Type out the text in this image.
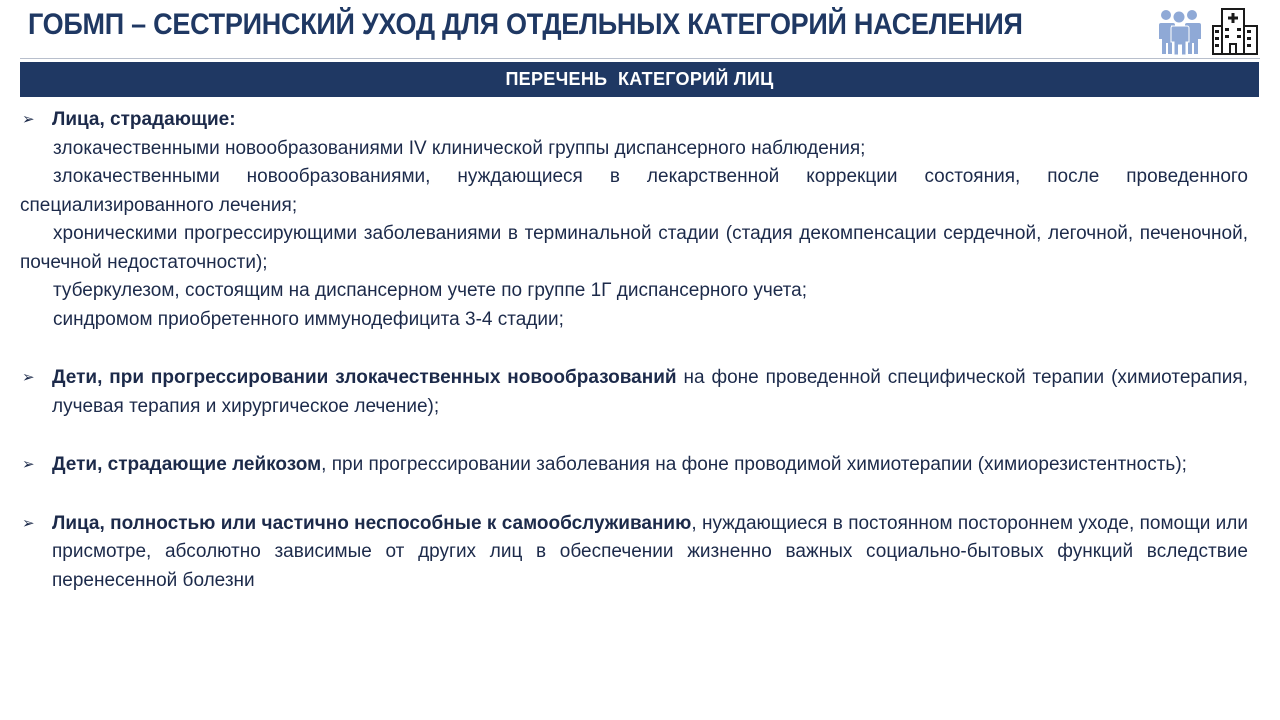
ГОБМП – СЕСТРИНСКИЙ УХОД ДЛЯ ОТДЕЛЬНЫХ КАТЕГОРИЙ НАСЕЛЕНИЯ
ПЕРЕЧЕНЬ  КАТЕГОРИЙ ЛИЦ
➢ Лица, страдающие:

злокачественными новообразованиями IV клинической группы диспансерного наблюдения;

злокачественными новообразованиями, нуждающиеся в лекарственной коррекции состояния, после проведенного специализированного лечения;

хроническими прогрессирующими заболеваниями в терминальной стадии (стадия декомпенсации сердечной, легочной, печеночной, почечной недостаточности);

туберкулезом, состоящим на диспансерном учете по группе 1Г диспансерного учета;

синдромом приобретенного иммунодефицита 3-4 стадии;

➢ Дети, при прогрессировании злокачественных новообразований на фоне проведенной специфической терапии (химиотерапия, лучевая терапия и хирургическое лечение);
➢ Дети, страдающие лейкозом, при прогрессировании заболевания на фоне проводимой химиотерапии (химиорезистентность);
➢ Лица, полностью или частично неспособные к самообслуживанию, нуждающиеся в постоянном постороннем уходе, помощи или присмотре, абсолютно зависимые от других лиц в обеспечении жизненно важных социально-бытовых функций вследствие перенесенной болезни
